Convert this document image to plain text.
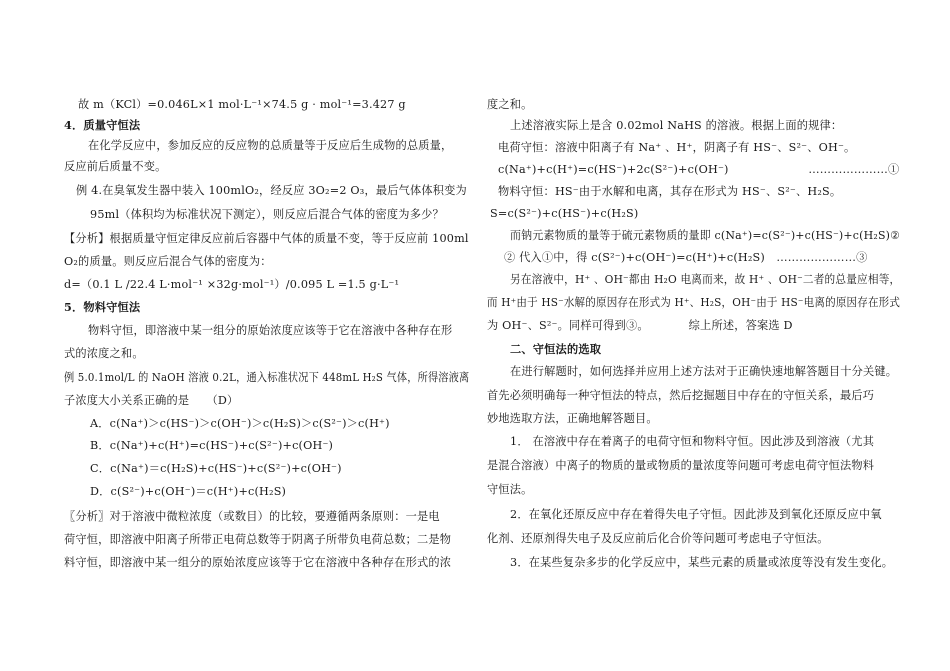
故 m（KCl）=0.046L×1 mol·L⁻¹×74.5 g · mol⁻¹=3.427 g
4．质量守恒法
在化学反应中，参加反应的反应物的总质量等于反应后生成物的总质量，
反应前后质量不变。
例 4.在臭氧发生器中装入 100mlO₂，经反应 3O₂=2 O₃，最后气体体积变为
95ml（体积均为标准状况下测定），则反应后混合气体的密度为多少？
【分析】根据质量守恒定律反应前后容器中气体的质量不变，等于反应前 100ml
O₂的质量。则反应后混合气体的密度为：
d=（0.1 L /22.4 L·mol⁻¹ ×32g·mol⁻¹）/0.095 L =1.5 g·L⁻¹
5．物料守恒法
物料守恒，即溶液中某一组分的原始浓度应该等于它在溶液中各种存在形
式的浓度之和。
例 5.0.1mol/L 的 NaOH 溶液 0.2L，通入标准状况下 448mL H₂S 气体，所得溶液离
子浓度大小关系正确的是　　（D）
A．c(Na⁺)＞c(HS⁻)＞c(OH⁻)＞c(H₂S)＞c(S²⁻)＞c(H⁺)
B．c(Na⁺)+c(H⁺)=c(HS⁻)+c(S²⁻)+c(OH⁻)
C．c(Na⁺)＝c(H₂S)+c(HS⁻)+c(S²⁻)+c(OH⁻)
D．c(S²⁻)+c(OH⁻)＝c(H⁺)+c(H₂S)
〖分析〗对于溶液中微粒浓度（或数目）的比较，要遵循两条原则：一是电
荷守恒，即溶液中阳离子所带正电荷总数等于阴离子所带负电荷总数；二是物
料守恒，即溶液中某一组分的原始浓度应该等于它在溶液中各种存在形式的浓
度之和。
上述溶液实际上是含 0.02mol NaHS 的溶液。根据上面的规律：
电荷守恒：溶液中阳离子有 Na⁺ 、H⁺，阴离子有 HS⁻、S²⁻、OH⁻。
c(Na⁺)+c(H⁺)=c(HS⁻)+2c(S²⁻)+c(OH⁻)　　　　　　　…………………①
物料守恒：HS⁻由于水解和电离，其存在形式为 HS⁻、S²⁻、H₂S。
S=c(S²⁻)+c(HS⁻)+c(H₂S)
而钠元素物质的量等于硫元素物质的量即 c(Na⁺)=c(S²⁻)+c(HS⁻)+c(H₂S)②
② 代入①中，得 c(S²⁻)+c(OH⁻)=c(H⁺)+c(H₂S)　…………………③
另在溶液中，H⁺ 、OH⁻都由 H₂O 电离而来，故 H⁺ 、OH⁻二者的总量应相等，
而 H⁺由于 HS⁻水解的原因存在形式为 H⁺、H₂S，OH⁻由于 HS⁻电离的原因存在形式
为 OH⁻、S²⁻。同样可得到③。　　　　综上所述，答案选 D
二、守恒法的选取
在进行解题时，如何选择并应用上述方法对于正确快速地解答题目十分关键。
首先必须明确每一种守恒法的特点，然后挖掘题目中存在的守恒关系，最后巧
妙地选取方法，正确地解答题目。
1． 在溶液中存在着离子的电荷守恒和物料守恒。因此涉及到溶液（尤其
是混合溶液）中离子的物质的量或物质的量浓度等问题可考虑电荷守恒法物料
守恒法。
2．在氧化还原反应中存在着得失电子守恒。因此涉及到氧化还原反应中氧
化剂、还原剂得失电子及反应前后化合价等问题可考虑电子守恒法。
3．在某些复杂多步的化学反应中，某些元素的质量或浓度等没有发生变化。
